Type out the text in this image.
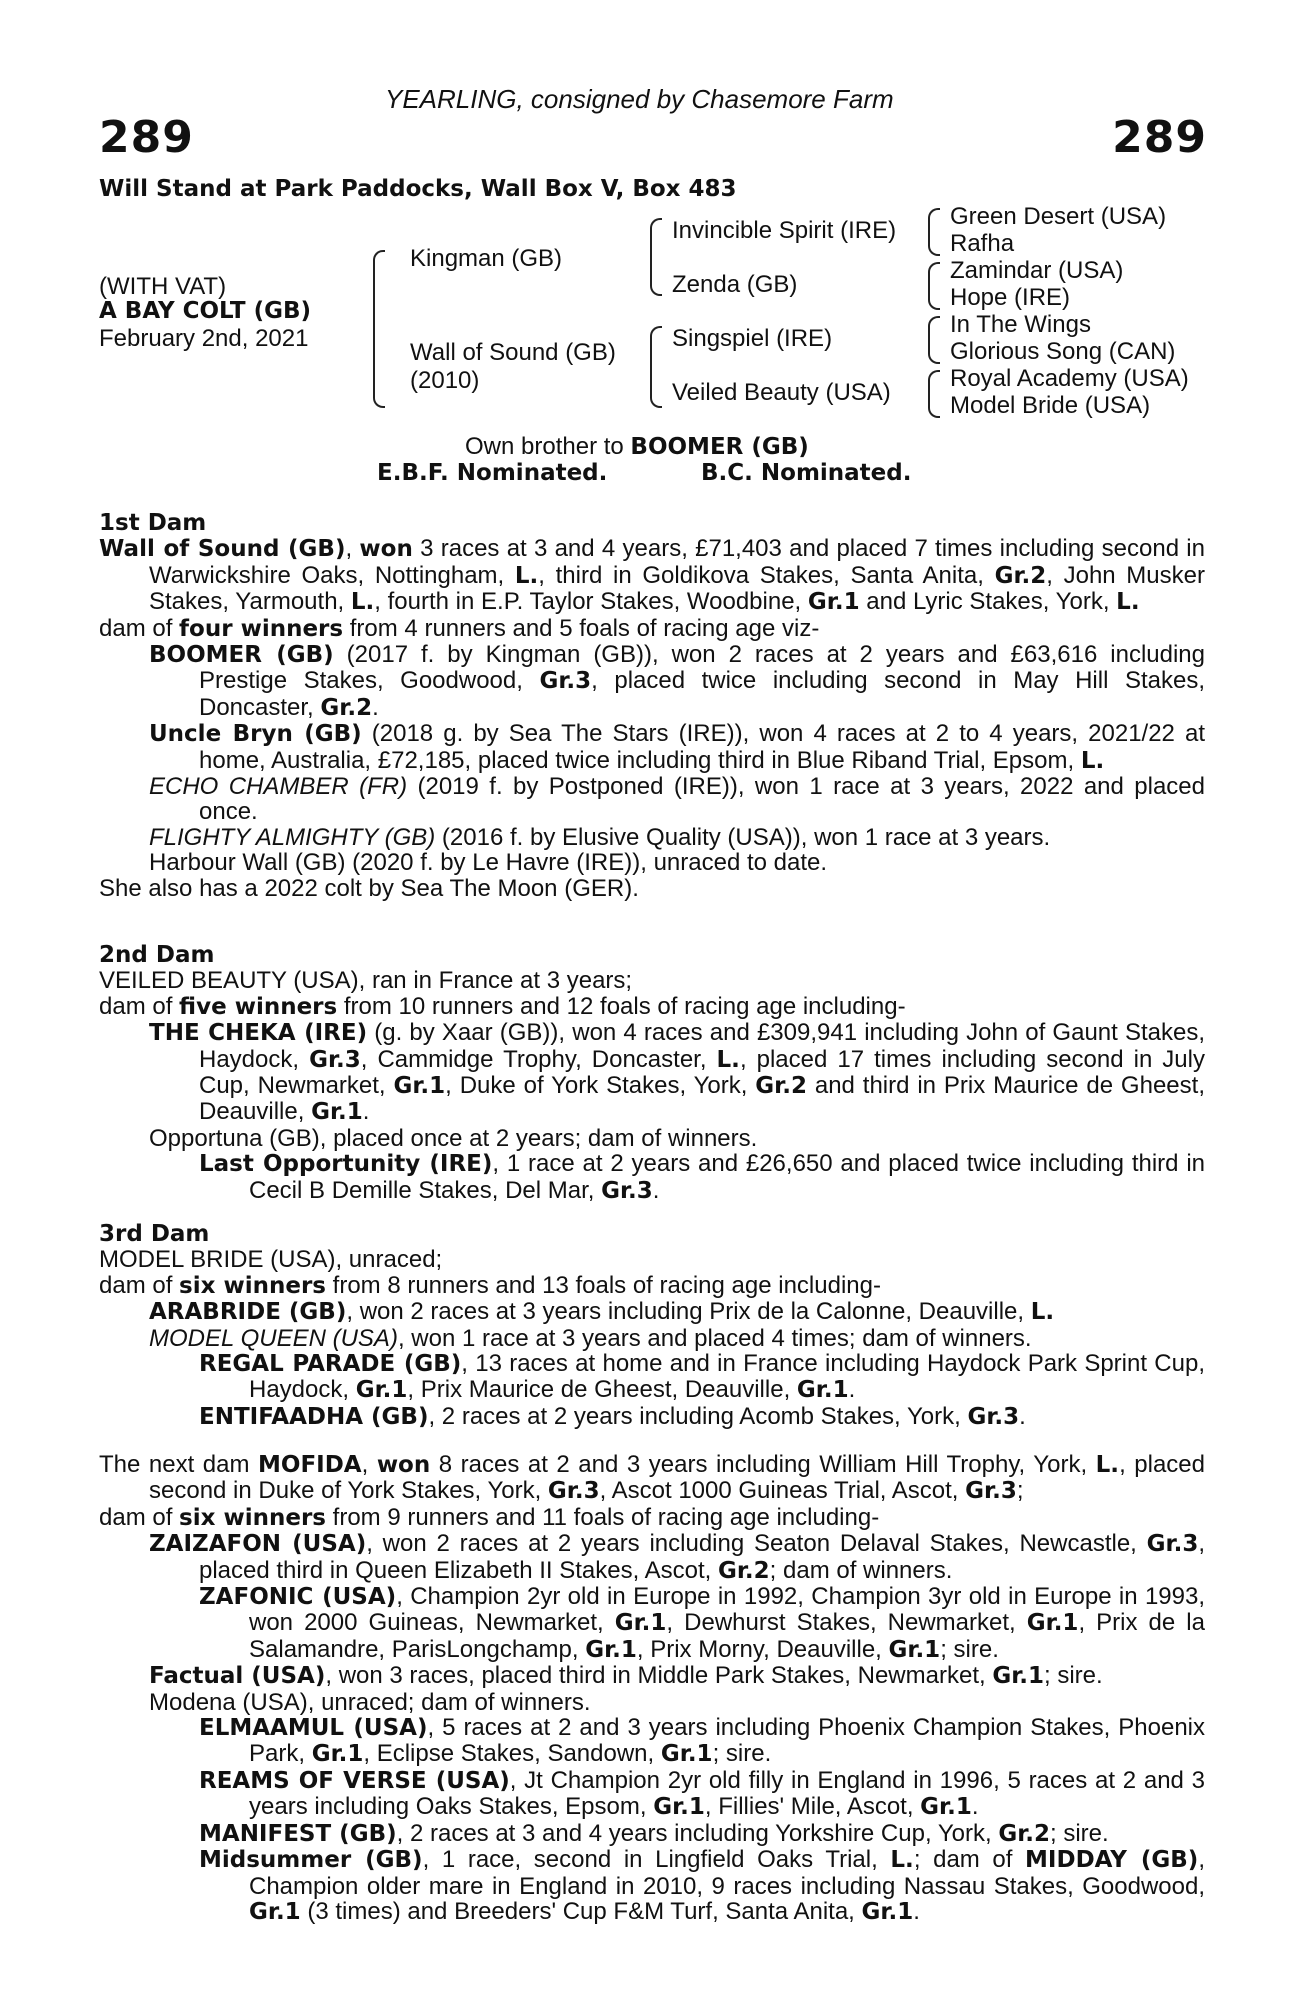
YEARLING, consigned by Chasemore Farm
289	289
Will Stand at Park Paddocks, Wall Box V, Box 483
(WITH VAT)
A BAY COLT (GB)
February 2nd, 2021
Kingman (GB)
Wall of Sound (GB)
(2010)
Invincible Spirit (IRE)
Zenda (GB)
Singspiel (IRE)
Veiled Beauty (USA)
Green Desert (USA)
Rafha
Zamindar (USA)
Hope (IRE)
In The Wings
Glorious Song (CAN)
Royal Academy (USA)
Model Bride (USA)
Own brother to BOOMER (GB)
E.B.F. Nominated.	B.C. Nominated.

1st Dam

Wall of Sound (GB), won 3 races at 3 and 4 years, £71,403 and placed 7 times including second in Warwickshire Oaks, Nottingham, L., third in Goldikova Stakes, Santa Anita, Gr.2, John Musker Stakes, Yarmouth, L., fourth in E.P. Taylor Stakes, Woodbine, Gr.1 and Lyric Stakes, York, L.

dam of four winners from 4 runners and 5 foals of racing age viz-

BOOMER (GB) (2017 f. by Kingman (GB)), won 2 races at 2 years and £63,616 including Prestige Stakes, Goodwood, Gr.3, placed twice including second in May Hill Stakes, Doncaster, Gr.2.

Uncle Bryn (GB) (2018 g. by Sea The Stars (IRE)), won 4 races at 2 to 4 years, 2021/22 at home, Australia, £72,185, placed twice including third in Blue Riband Trial, Epsom, L.

ECHO CHAMBER (FR) (2019 f. by Postponed (IRE)), won 1 race at 3 years, 2022 and placed once.

FLIGHTY ALMIGHTY (GB) (2016 f. by Elusive Quality (USA)), won 1 race at 3 years.

Harbour Wall (GB) (2020 f. by Le Havre (IRE)), unraced to date.

She also has a 2022 colt by Sea The Moon (GER).

2nd Dam

VEILED BEAUTY (USA), ran in France at 3 years;

dam of five winners from 10 runners and 12 foals of racing age including-

THE CHEKA (IRE) (g. by Xaar (GB)), won 4 races and £309,941 including John of Gaunt Stakes, Haydock, Gr.3, Cammidge Trophy, Doncaster, L., placed 17 times including second in July Cup, Newmarket, Gr.1, Duke of York Stakes, York, Gr.2 and third in Prix Maurice de Gheest, Deauville, Gr.1.

Opportuna (GB), placed once at 2 years; dam of winners.

Last Opportunity (IRE), 1 race at 2 years and £26,650 and placed twice including third in Cecil B Demille Stakes, Del Mar, Gr.3.

3rd Dam

MODEL BRIDE (USA), unraced;

dam of six winners from 8 runners and 13 foals of racing age including-

ARABRIDE (GB), won 2 races at 3 years including Prix de la Calonne, Deauville, L.

MODEL QUEEN (USA), won 1 race at 3 years and placed 4 times; dam of winners.

REGAL PARADE (GB), 13 races at home and in France including Haydock Park Sprint Cup, Haydock, Gr.1, Prix Maurice de Gheest, Deauville, Gr.1.

ENTIFAADHA (GB), 2 races at 2 years including Acomb Stakes, York, Gr.3.

The next dam MOFIDA, won 8 races at 2 and 3 years including William Hill Trophy, York, L., placed second in Duke of York Stakes, York, Gr.3, Ascot 1000 Guineas Trial, Ascot, Gr.3;

dam of six winners from 9 runners and 11 foals of racing age including-

ZAIZAFON (USA), won 2 races at 2 years including Seaton Delaval Stakes, Newcastle, Gr.3, placed third in Queen Elizabeth II Stakes, Ascot, Gr.2; dam of winners.

ZAFONIC (USA), Champion 2yr old in Europe in 1992, Champion 3yr old in Europe in 1993, won 2000 Guineas, Newmarket, Gr.1, Dewhurst Stakes, Newmarket, Gr.1, Prix de la Salamandre, ParisLongchamp, Gr.1, Prix Morny, Deauville, Gr.1; sire.

Factual (USA), won 3 races, placed third in Middle Park Stakes, Newmarket, Gr.1; sire.

Modena (USA), unraced; dam of winners.

ELMAAMUL (USA), 5 races at 2 and 3 years including Phoenix Champion Stakes, Phoenix Park, Gr.1, Eclipse Stakes, Sandown, Gr.1; sire.

REAMS OF VERSE (USA), Jt Champion 2yr old filly in England in 1996, 5 races at 2 and 3 years including Oaks Stakes, Epsom, Gr.1, Fillies' Mile, Ascot, Gr.1.

MANIFEST (GB), 2 races at 3 and 4 years including Yorkshire Cup, York, Gr.2; sire.

Midsummer (GB), 1 race, second in Lingfield Oaks Trial, L.; dam of MIDDAY (GB), Champion older mare in England in 2010, 9 races including Nassau Stakes, Goodwood, Gr.1 (3 times) and Breeders' Cup F&M Turf, Santa Anita, Gr.1.
